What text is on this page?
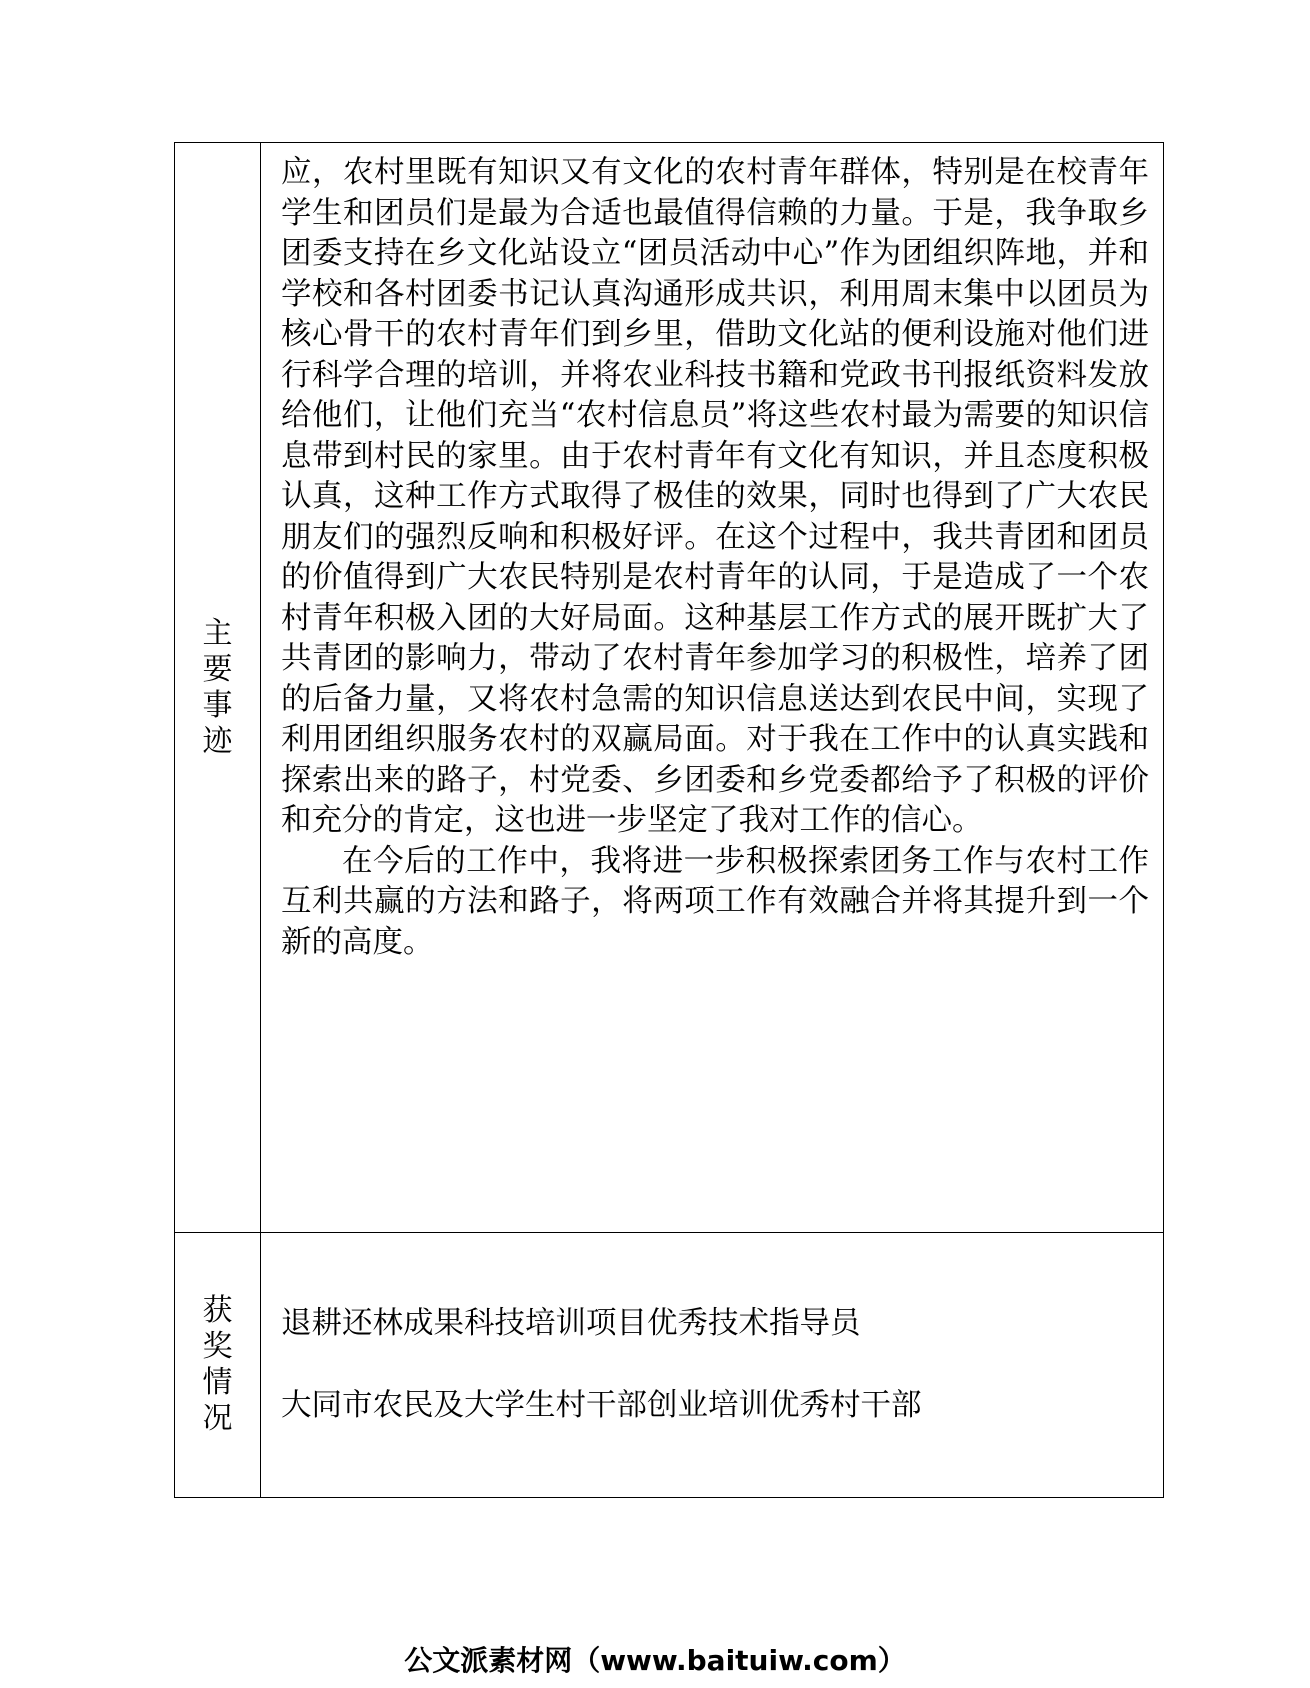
主要事迹	应，农村里既有知识又有文化的农村青年群体，特别是在校青年学生和团员们是最为合适也最值得信赖的力量。于是，我争取乡团委支持在乡文化站设立“团员活动中心”作为团组织阵地，并和学校和各村团委书记认真沟通形成共识，利用周末集中以团员为核心骨干的农村青年们到乡里，借助文化站的便利设施对他们进行科学合理的培训，并将农业科技书籍和党政书刊报纸资料发放给他们，让他们充当“农村信息员”将这些农村最为需要的知识信息带到村民的家里。由于农村青年有文化有知识，并且态度积极认真，这种工作方式取得了极佳的效果，同时也得到了广大农民朋友们的强烈反响和积极好评。在这个过程中，我共青团和团员的价值得到广大农民特别是农村青年的认同，于是造成了一个农村青年积极入团的大好局面。这种基层工作方式的展开既扩大了共青团的影响力，带动了农村青年参加学习的积极性，培养了团的后备力量，又将农村急需的知识信息送达到农民中间，实现了利用团组织服务农村的双赢局面。对于我在工作中的认真实践和探索出来的路子，村党委、乡团委和乡党委都给予了积极的评价和充分的肯定，这也进一步坚定了我对工作的信心。

在今后的工作中，我将进一步积极探索团务工作与农村工作互利共赢的方法和路子，将两项工作有效融合并将其提升到一个新的高度。

获奖情况	退耕还林成果科技培训项目优秀技术指导员

大同市农民及大学生村干部创业培训优秀村干部

公文派素材网（www.baituiw.com）
